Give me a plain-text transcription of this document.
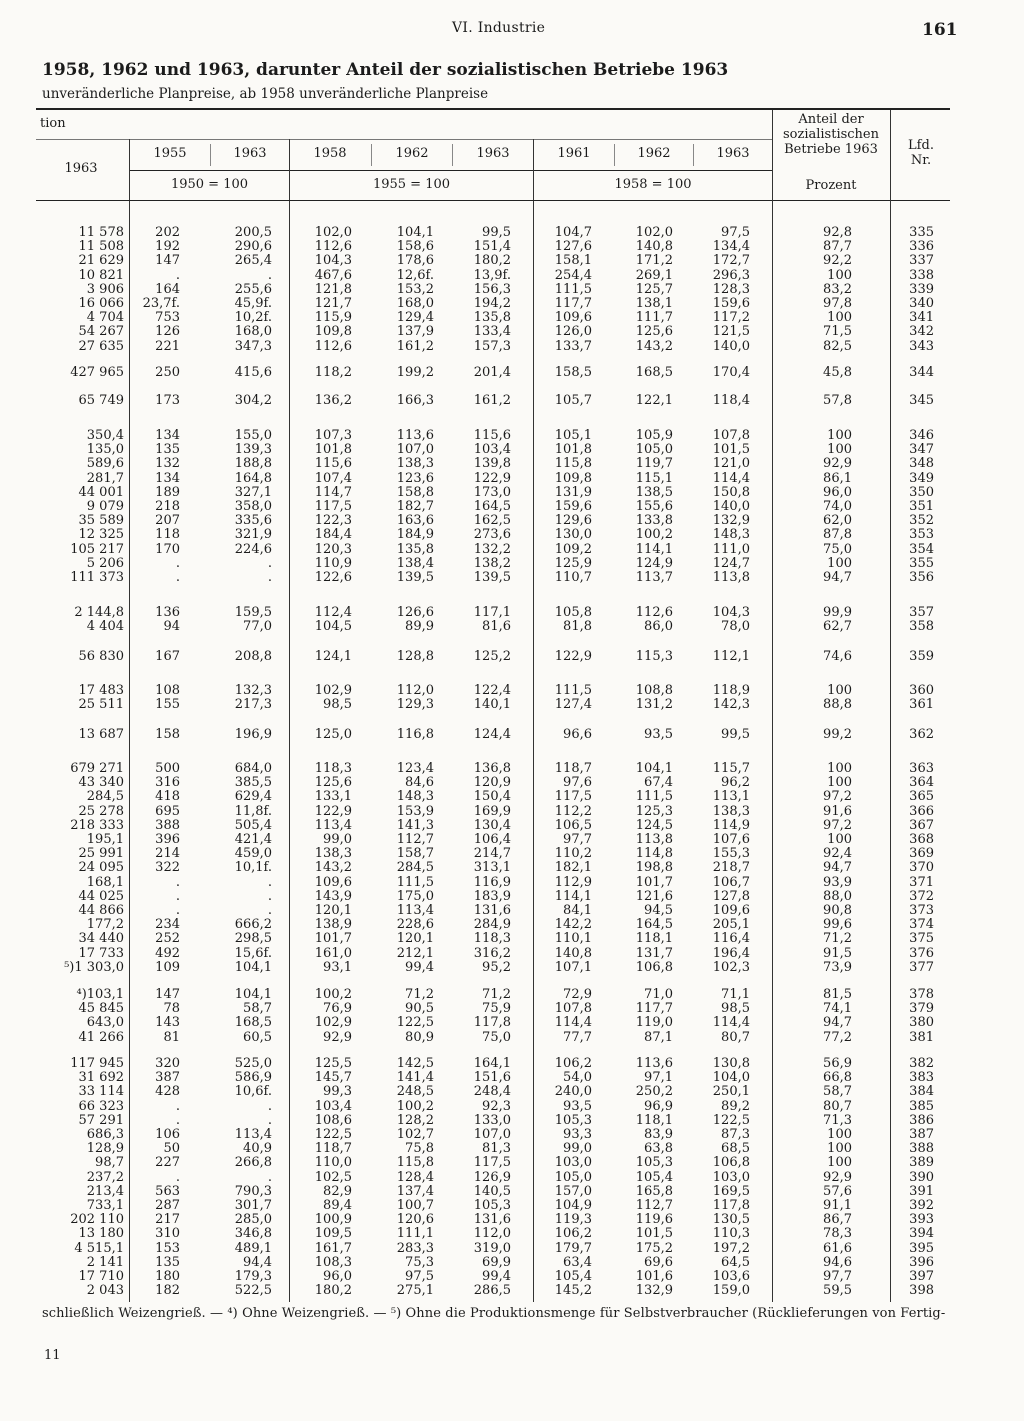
VI. Industrie	161
1958, 1962 und 1963, darunter Anteil der sozialistischen Betriebe 1963
unveränderliche Planpreise, ab 1958 unveränderliche Planpreise
tion
1963
1955	1963
1950 = 100
1958	1962	1963
1955 = 100
1961	1962	1963
1958 = 100
Anteil der sozialistischen Betriebe 1963
Prozent
Lfd. Nr.
11 578	202	200,5	102,0	104,1	99,5	104,7	102,0	97,5	92,8	335
11 508	192	290,6	112,6	158,6	151,4	127,6	140,8	134,4	87,7	336
21 629	147	265,4	104,3	178,6	180,2	158,1	171,2	172,7	92,2	337
10 821	.	.	467,6	12,6f.	13,9f.	254,4	269,1	296,3	100	338
3 906	164	255,6	121,8	153,2	156,3	111,5	125,7	128,3	83,2	339
16 066	23,7f.	45,9f.	121,7	168,0	194,2	117,7	138,1	159,6	97,8	340
4 704	753	10,2f.	115,9	129,4	135,8	109,6	111,7	117,2	100	341
54 267	126	168,0	109,8	137,9	133,4	126,0	125,6	121,5	71,5	342
27 635	221	347,3	112,6	161,2	157,3	133,7	143,2	140,0	82,5	343
427 965	250	415,6	118,2	199,2	201,4	158,5	168,5	170,4	45,8	344
65 749	173	304,2	136,2	166,3	161,2	105,7	122,1	118,4	57,8	345
350,4	134	155,0	107,3	113,6	115,6	105,1	105,9	107,8	100	346
135,0	135	139,3	101,8	107,0	103,4	101,8	105,0	101,5	100	347
589,6	132	188,8	115,6	138,3	139,8	115,8	119,7	121,0	92,9	348
281,7	134	164,8	107,4	123,6	122,9	109,8	115,1	114,4	86,1	349
44 001	189	327,1	114,7	158,8	173,0	131,9	138,5	150,8	96,0	350
9 079	218	358,0	117,5	182,7	164,5	159,6	155,6	140,0	74,0	351
35 589	207	335,6	122,3	163,6	162,5	129,6	133,8	132,9	62,0	352
12 325	118	321,9	184,4	184,9	273,6	130,0	100,2	148,3	87,8	353
105 217	170	224,6	120,3	135,8	132,2	109,2	114,1	111,0	75,0	354
5 206	.	.	110,9	138,4	138,2	125,9	124,9	124,7	100	355
111 373	.	.	122,6	139,5	139,5	110,7	113,7	113,8	94,7	356
2 144,8	136	159,5	112,4	126,6	117,1	105,8	112,6	104,3	99,9	357
4 404	94	77,0	104,5	89,9	81,6	81,8	86,0	78,0	62,7	358
56 830	167	208,8	124,1	128,8	125,2	122,9	115,3	112,1	74,6	359
17 483	108	132,3	102,9	112,0	122,4	111,5	108,8	118,9	100	360
25 511	155	217,3	98,5	129,3	140,1	127,4	131,2	142,3	88,8	361
13 687	158	196,9	125,0	116,8	124,4	96,6	93,5	99,5	99,2	362
679 271	500	684,0	118,3	123,4	136,8	118,7	104,1	115,7	100	363
43 340	316	385,5	125,6	84,6	120,9	97,6	67,4	96,2	100	364
284,5	418	629,4	133,1	148,3	150,4	117,5	111,5	113,1	97,2	365
25 278	695	11,8f.	122,9	153,9	169,9	112,2	125,3	138,3	91,6	366
218 333	388	505,4	113,4	141,3	130,4	106,5	124,5	114,9	97,2	367
195,1	396	421,4	99,0	112,7	106,4	97,7	113,8	107,6	100	368
25 991	214	459,0	138,3	158,7	214,7	110,2	114,8	155,3	92,4	369
24 095	322	10,1f.	143,2	284,5	313,1	182,1	198,8	218,7	94,7	370
168,1	.	.	109,6	111,5	116,9	112,9	101,7	106,7	93,9	371
44 025	.	.	143,9	175,0	183,9	114,1	121,6	127,8	88,0	372
44 866	.	.	120,1	113,4	131,6	84,1	94,5	109,6	90,8	373
177,2	234	666,2	138,9	228,6	284,9	142,2	164,5	205,1	99,6	374
34 440	252	298,5	101,7	120,1	118,3	110,1	118,1	116,4	71,2	375
17 733	492	15,6f.	161,0	212,1	316,2	140,8	131,7	196,4	91,5	376
⁵)1 303,0	109	104,1	93,1	99,4	95,2	107,1	106,8	102,3	73,9	377
⁴)103,1	147	104,1	100,2	71,2	71,2	72,9	71,0	71,1	81,5	378
45 845	78	58,7	76,9	90,5	75,9	107,8	117,7	98,5	74,1	379
643,0	143	168,5	102,9	122,5	117,8	114,4	119,0	114,4	94,7	380
41 266	81	60,5	92,9	80,9	75,0	77,7	87,1	80,7	77,2	381
117 945	320	525,0	125,5	142,5	164,1	106,2	113,6	130,8	56,9	382
31 692	387	586,9	145,7	141,4	151,6	54,0	97,1	104,0	66,8	383
33 114	428	10,6f.	99,3	248,5	248,4	240,0	250,2	250,1	58,7	384
66 323	.	.	103,4	100,2	92,3	93,5	96,9	89,2	80,7	385
57 291	.	.	108,6	128,2	133,0	105,3	118,1	122,5	71,3	386
686,3	106	113,4	122,5	102,7	107,0	93,3	83,9	87,3	100	387
128,9	50	40,9	118,7	75,8	81,3	99,0	63,8	68,5	100	388
98,7	227	266,8	110,0	115,8	117,5	103,0	105,3	106,8	100	389
237,2	.	.	102,5	128,4	126,9	105,0	105,4	103,0	92,9	390
213,4	563	790,3	82,9	137,4	140,5	157,0	165,8	169,5	57,6	391
733,1	287	301,7	89,4	100,7	105,3	104,9	112,7	117,8	91,1	392
202 110	217	285,0	100,9	120,6	131,6	119,3	119,6	130,5	86,7	393
13 180	310	346,8	109,5	111,1	112,0	106,2	101,5	110,3	78,3	394
4 515,1	153	489,1	161,7	283,3	319,0	179,7	175,2	197,2	61,6	395
2 141	135	94,4	108,3	75,3	69,9	63,4	69,6	64,5	94,6	396
17 710	180	179,3	96,0	97,5	99,4	105,4	101,6	103,6	97,7	397
2 043	182	522,5	180,2	275,1	286,5	145,2	132,9	159,0	59,5	398
schließlich Weizengrieß. — ⁴) Ohne Weizengrieß. — ⁵) Ohne die Produktionsmenge für Selbstverbraucher (Rücklieferungen von Fertig-
11
